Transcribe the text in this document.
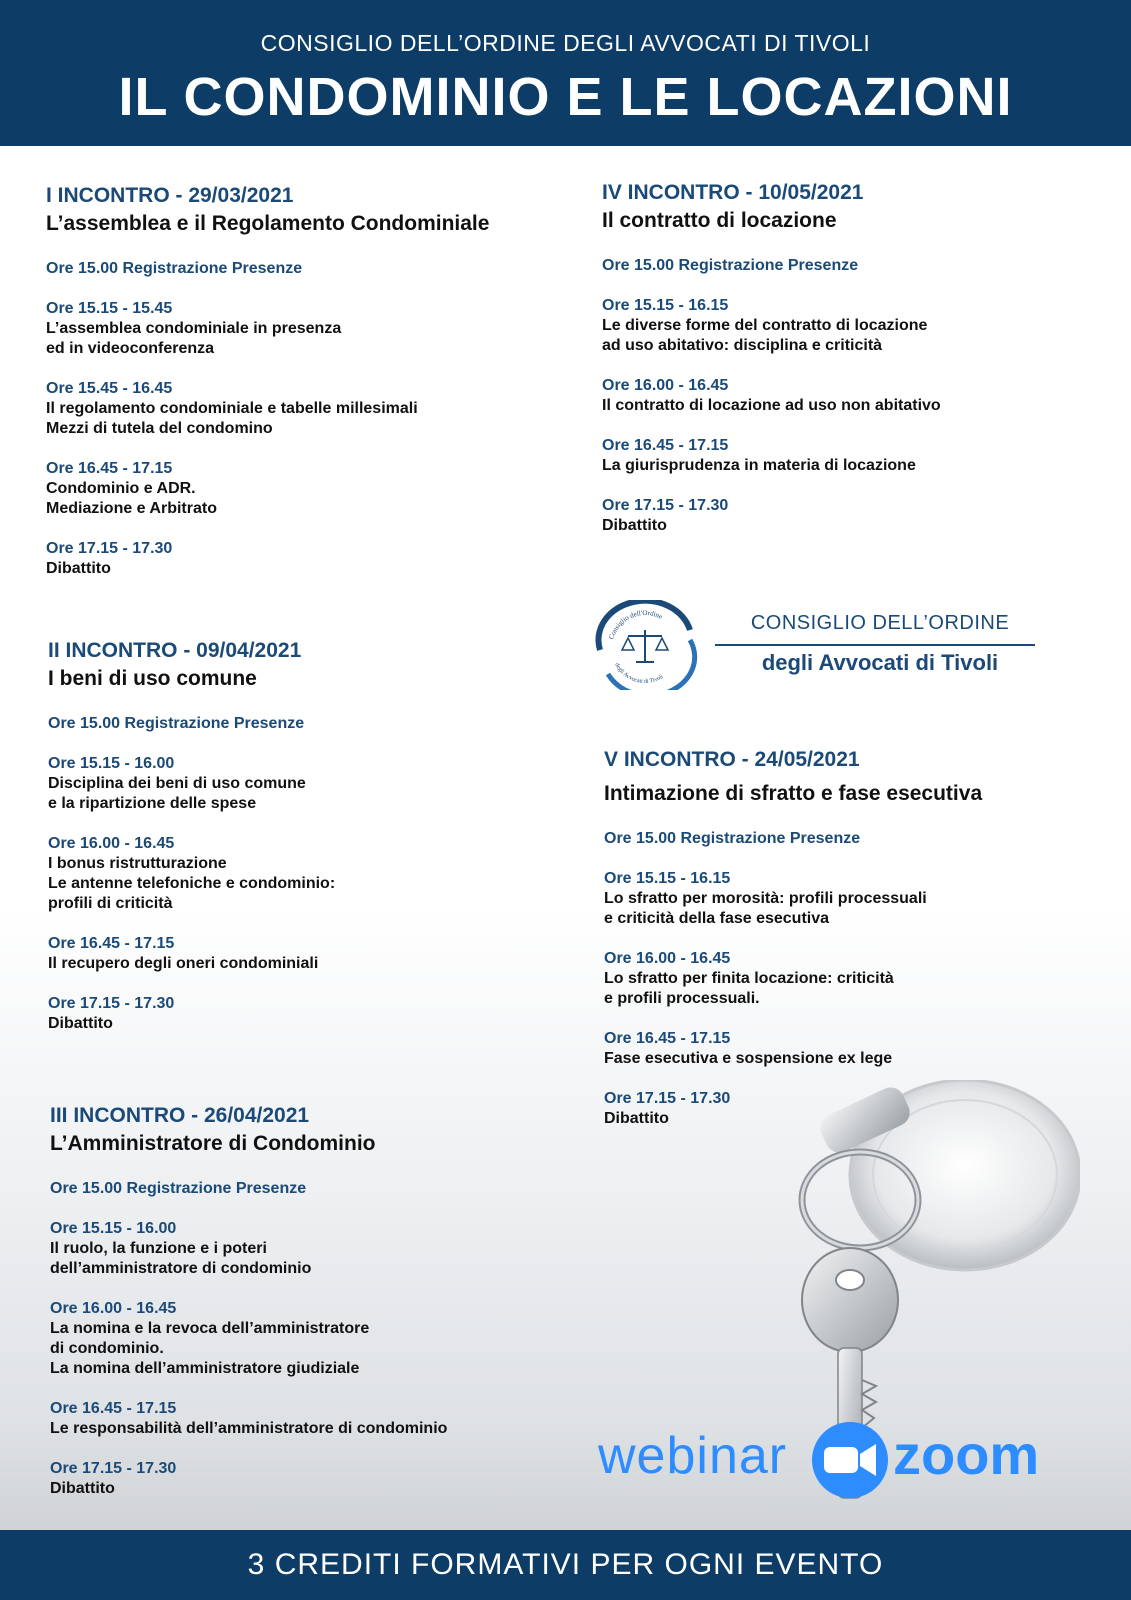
CONSIGLIO DELL’ORDINE DEGLI AVVOCATI DI TIVOLI
IL CONDOMINIO E LE LOCAZIONI
I INCONTRO - 29/03/2021
L’assemblea e il Regolamento Condominiale
Ore 15.00 Registrazione Presenze
Ore 15.15 - 15.45
L’assemblea condominiale in presenza
ed in videoconferenza
Ore 15.45 - 16.45
Il regolamento condominiale e tabelle millesimali
Mezzi di tutela del condomino
Ore 16.45 - 17.15
Condominio e ADR.
Mediazione e Arbitrato
Ore 17.15 - 17.30
Dibattito
II INCONTRO - 09/04/2021
I beni di uso comune
Ore 15.00 Registrazione Presenze
Ore 15.15 - 16.00
Disciplina dei beni di uso comune
e la ripartizione delle spese
Ore 16.00 - 16.45
I bonus ristrutturazione
Le antenne telefoniche e condominio:
profili di criticità
Ore 16.45 - 17.15
Il recupero degli oneri condominiali
Ore 17.15 - 17.30
Dibattito
III INCONTRO - 26/04/2021
L’Amministratore di Condominio
Ore 15.00 Registrazione Presenze
Ore 15.15 - 16.00
Il ruolo, la funzione e i poteri
dell’amministratore di condominio
Ore 16.00 - 16.45
La nomina e la revoca dell’amministratore
di condominio.
La nomina dell’amministratore giudiziale
Ore 16.45 - 17.15
Le responsabilità dell’amministratore di condominio
Ore 17.15 - 17.30
Dibattito
IV INCONTRO - 10/05/2021
Il contratto di locazione
Ore 15.00 Registrazione Presenze
Ore 15.15 - 16.15
Le diverse forme del contratto di locazione
ad uso abitativo: disciplina e criticità
Ore 16.00 - 16.45
Il contratto di locazione ad uso non abitativo
Ore 16.45 - 17.15
La giurisprudenza in materia di locazione
Ore 17.15 - 17.30
Dibattito
Consiglio dell'Ordine
degli Avvocati di Tivoli
CONSIGLIO DELL’ORDINE
degli Avvocati di Tivoli
V INCONTRO - 24/05/2021
Intimazione di sfratto e fase esecutiva
Ore 15.00 Registrazione Presenze
Ore 15.15 - 16.15
Lo sfratto per morosità: profili processuali
e criticità della fase esecutiva
Ore 16.00 - 16.45
Lo sfratto per finita locazione: criticità
e profili processuali.
Ore 16.45 - 17.15
Fase esecutiva e sospensione ex lege
Ore 17.15 - 17.30
Dibattito
webinar zoom
3 CREDITI FORMATIVI PER OGNI EVENTO
